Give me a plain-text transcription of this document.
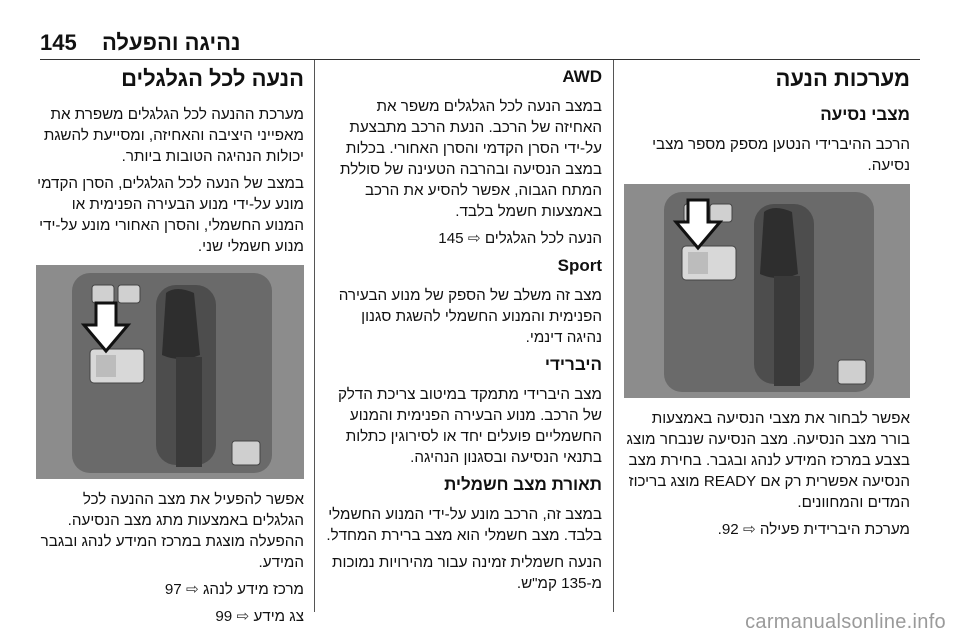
145 נהיגה והפעלה
מערכות הנעה
מצבי נסיעה

הרכב ההיברידי הנטען מספק מספר מצבי נסיעה.

אפשר לבחור את מצבי הנסיעה באמצעות בורר מצב הנסיעה. מצב הנסיעה שנבחר מוצג בצבע במרכז המידע לנהג ובגבר. בחירת מצב הנסיעה אפשרית רק אם READY מוצג בריכוז המדים והמחוונים.

מערכת היברידית פעילה ⇨ 92.

AWD

במצב הנעה לכל הגלגלים משפר את האחיזה של הרכב. הנעת הרכב מתבצעת על-ידי הסרן הקדמי והסרן האחורי. בכלות במצב הנסיעה ובהרבה הטעינה של סוללת המתח הגבוה, אפשר להסיע את הרכב באמצעות חשמל בלבד.

הנעה לכל הגלגלים ⇨ 145

Sport

מצב זה משלב של הספק של מנוע הבעירה הפנימית והמנוע החשמלי להשגת סגנון נהיגה דינמי.

היברידי

מצב היברידי מתמקד במיטוב צריכת הדלק של הרכב. מנוע הבעירה הפנימית והמנוע החשמליים פועלים יחד או לסירוגין כתלות בתנאי הנסיעה ובסגנון הנהיגה.

תאורת מצב חשמלית

במצב זה, הרכב מונע על-ידי המנוע החשמלי בלבד. מצב חשמלי הוא מצב ברירת המחדל.

הנעה חשמלית זמינה עבור מהירויות נמוכות מ-135 קמ"ש.

הנעה לכל הגלגלים

מערכת ההנעה לכל הגלגלים משפרת את מאפייני היציבה והאחיזה, ומסייעת להשגת יכולות הנהיגה הטובות ביותר.

במצב של הנעה לכל הגלגלים, הסרן הקדמי מונע על-ידי מנוע הבעירה הפנימית או המנוע החשמלי, והסרן האחורי מונע על-ידי מנוע חשמלי שני.

אפשר להפעיל את מצב ההנעה לכל הגלגלים באמצעות מתג מצב הנסיעה. ההפעלה מוצגת במרכז המידע לנהג ובגבר המידע.

מרכז מידע לנהג ⇨ 97

צג מידע ⇨ 99	carmanualsonline.info
